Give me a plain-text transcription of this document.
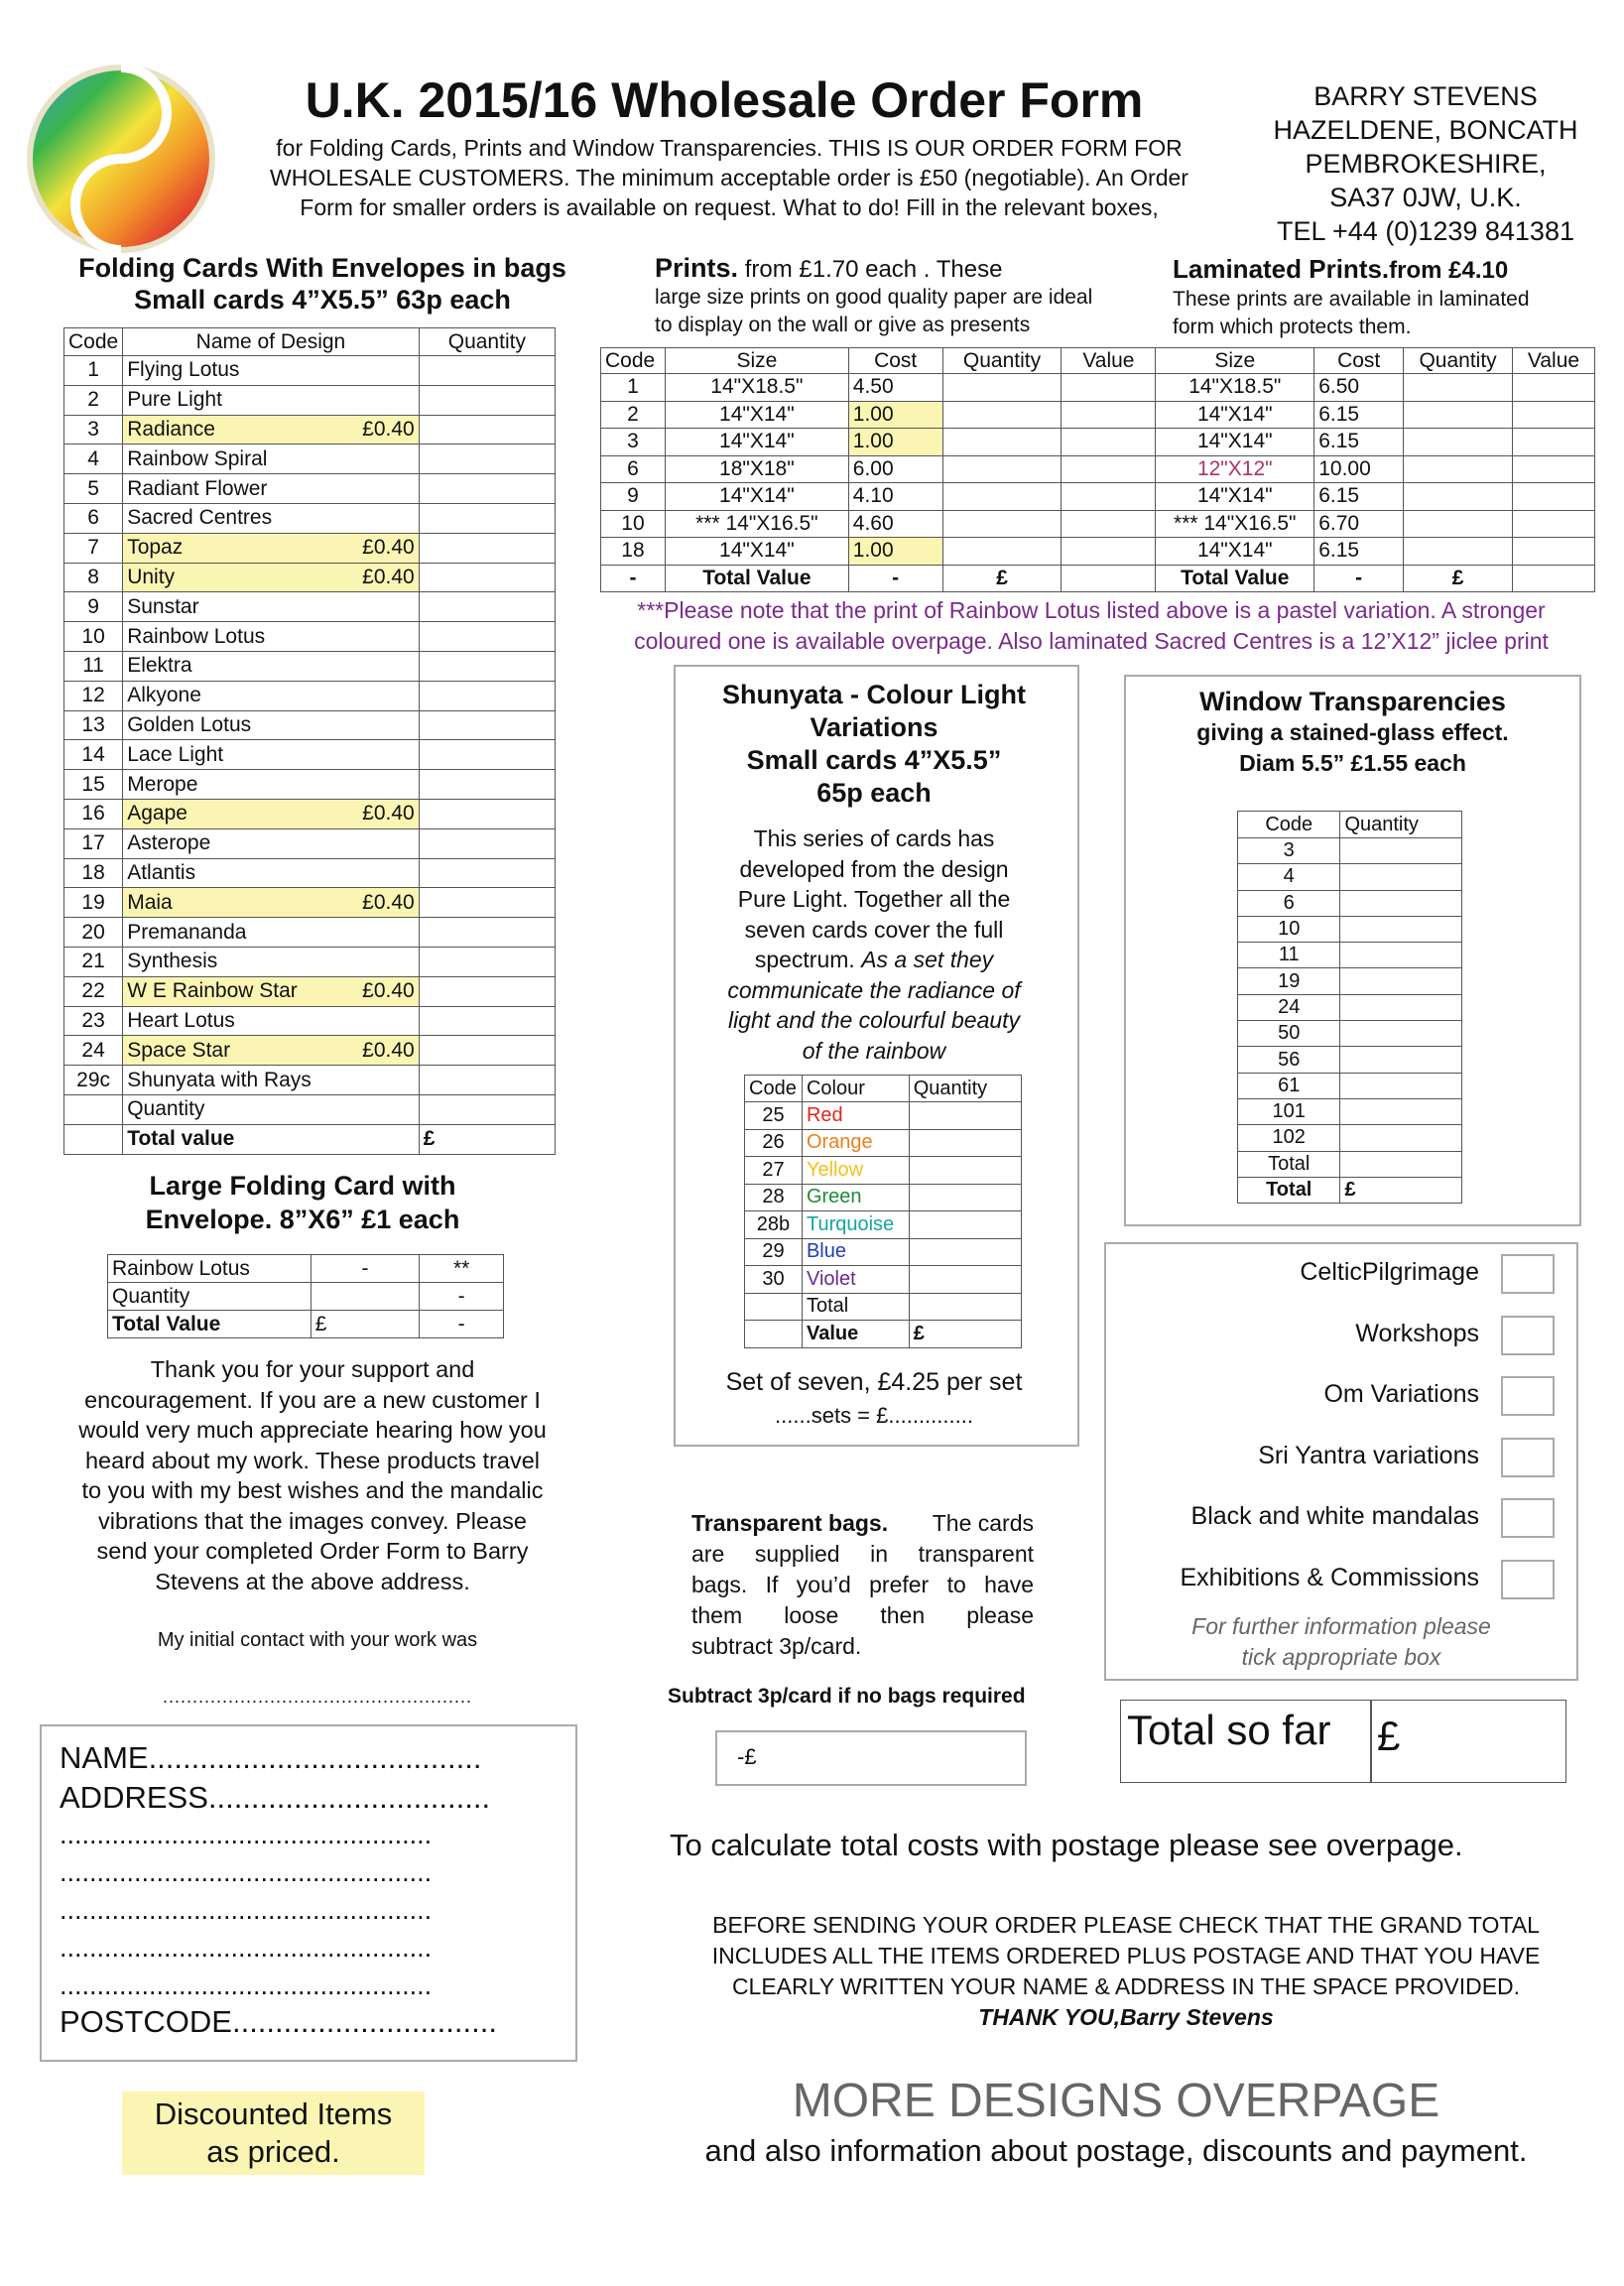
U.K. 2015/16 Wholesale Order Form
for Folding Cards, Prints and Window Transparencies. THIS IS OUR ORDER FORM FOR
WHOLESALE CUSTOMERS. The minimum acceptable order is £50 (negotiable). An Order
Form for smaller orders is available on request. What to do! Fill in the relevant boxes,
BARRY STEVENS
HAZELDENE, BONCATH
PEMBROKESHIRE,
SA37 0JW, U.K.
TEL +44 (0)1239 841381
Folding Cards With Envelopes in bags
Small cards 4”X5.5” 63p each
Code	Name of Design	Quantity
1	Flying Lotus

2	Pure Light

3	Radiance £0.40	

4	Rainbow Spiral

5	Radiant Flower

6	Sacred Centres

7	Topaz £0.40	

8	Unity £0.40	

9	Sunstar

10	Rainbow Lotus

11	Elektra

12	Alkyone

13	Golden Lotus

14	Lace Light

15	Merope

16	Agape £0.40	

17	Asterope

18	Atlantis

19	Maia £0.40	

20	Premananda

21	Synthesis

22	W E Rainbow Star £0.40	

23	Heart Lotus

24	Space Star £0.40	

29c	Shunyata with Rays

	Quantity	
	Total value	£
Large Folding Card with
Envelope. 8”X6” £1 each
Rainbow Lotus	-	**
Quantity		-
Total Value	£	-
Thank you for your support and
encouragement. If you are a new customer I
would very much appreciate hearing how you
heard about my work. These products travel
to you with my best wishes and the mandalic
vibrations that the images convey. Please
send your completed Order Form to Barry
Stevens at the above address.
My initial contact with your work was
....................................................
NAME.......................................
ADDRESS.................................
..................................................
..................................................
..................................................
..................................................
..................................................
POSTCODE...............................
Discounted Items
as priced.
Prints. from £1.70 each . These
large size prints on good quality paper are ideal
to display on the wall or give as presents
Laminated Prints.from £4.10
These prints are available in laminated
form which protects them.
Code	Size	Cost	Quantity	Value	Size	Cost	Quantity	Value
1	14"X18.5"	4.50			14"X18.5"	6.50		
2	14"X14"	1.00			14"X14"	6.15		
3	14"X14"	1.00			14"X14"	6.15		
6	18"X18"	6.00			12"X12"	10.00		
9	14"X14"	4.10			14"X14"	6.15		
10	*** 14"X16.5"	4.60			*** 14"X16.5"	6.70		
18	14"X14"	1.00			14"X14"	6.15		
-	Total Value	-	£		Total Value	-	£	
***Please note that the print of Rainbow Lotus listed above is a pastel variation. A stronger
coloured one is available overpage. Also laminated Sacred Centres is a 12’X12” jiclee print
Shunyata - Colour Light
Variations
Small cards 4”X5.5”
65p each
This series of cards has
developed from the design
Pure Light. Together all the
seven cards cover the full
spectrum. As a set they
communicate the radiance of
light and the colourful beauty
of the rainbow
Code	Colour	Quantity
25	Red	
26	Orange	
27	Yellow	
28	Green	
28b	Turquoise	
29	Blue	
30	Violet	
	Total	
	Value	£
Set of seven, £4.25 per set
......sets = £..............
Window Transparencies
giving a stained-glass effect.
Diam 5.5” £1.55 each
Code	Quantity
3	
4	
6	
10	
11	
19	
24	
50	
56	
61	
101	
102	
Total	
Total	£
CelticPilgrimage
Workshops
Om Variations
Sri Yantra variations
Black and white mandalas
Exhibitions & Commissions
For further information please
tick appropriate box
Transparent bags. The cards
are supplied in transparent
bags. If you’d prefer to have
them loose then please
subtract 3p/card.
Subtract 3p/card if no bags required
-£
Total so far £
To calculate total costs with postage please see overpage.
BEFORE SENDING YOUR ORDER PLEASE CHECK THAT THE GRAND TOTAL
INCLUDES ALL THE ITEMS ORDERED PLUS POSTAGE AND THAT YOU HAVE
CLEARLY WRITTEN YOUR NAME & ADDRESS IN THE SPACE PROVIDED.
THANK YOU,Barry Stevens
MORE DESIGNS OVERPAGE
and also information about postage, discounts and payment.
